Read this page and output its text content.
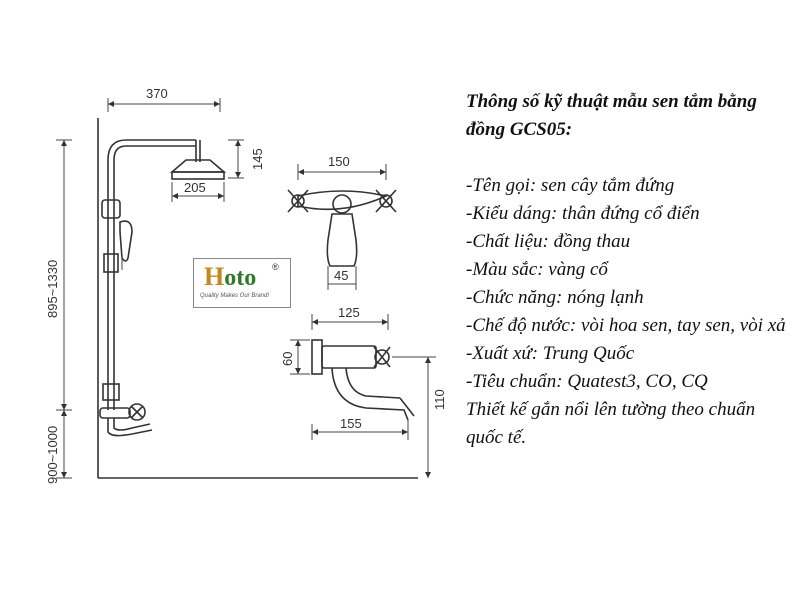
370
145
205
895~1330
900~1000
150
45
125
60
155
110
Hoto ®
Quality Makes Our Brand!
Thông số kỹ thuật mẫu sen tắm bằng đồng GCS05:
-Tên gọi: sen cây tắm đứng
-Kiểu dáng: thân đứng cổ điển
-Chất liệu: đồng thau
-Màu sắc: vàng cổ
-Chức năng: nóng lạnh
-Chế độ nước: vòi hoa sen, tay sen, vòi xả
-Xuất xứ: Trung Quốc
-Tiêu chuẩn: Quatest3, CO, CQ
Thiết kế gắn nổi lên tường theo chuẩn quốc tế.
